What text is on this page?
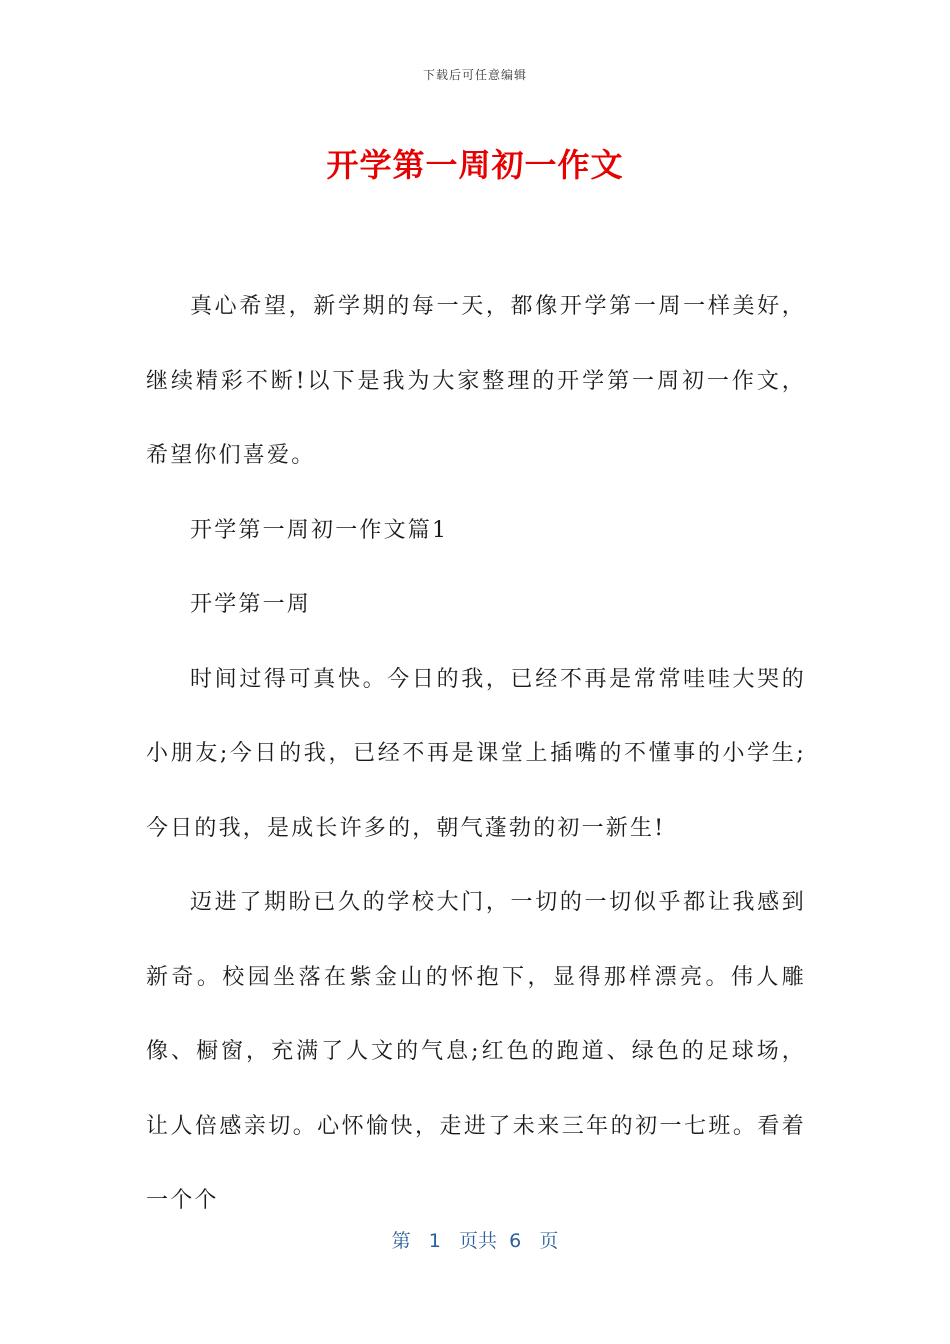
下载后可任意编辑
开学第一周初一作文

真心希望，新学期的每一天，都像开学第一周一样美好，继续精彩不断!以下是我为大家整理的开学第一周初一作文，希望你们喜爱。

开学第一周初一作文篇1

开学第一周

时间过得可真快。今日的我，已经不再是常常哇哇大哭的小朋友;今日的我，已经不再是课堂上插嘴的不懂事的小学生;今日的我，是成长许多的，朝气蓬勃的初一新生!

迈进了期盼已久的学校大门，一切的一切似乎都让我感到新奇。校园坐落在紫金山的怀抱下，显得那样漂亮。伟人雕像、橱窗，充满了人文的气息;红色的跑道、绿色的足球场，让人倍感亲切。心怀愉快，走进了未来三年的初一七班。看着一个个

第 1 页共 6 页
